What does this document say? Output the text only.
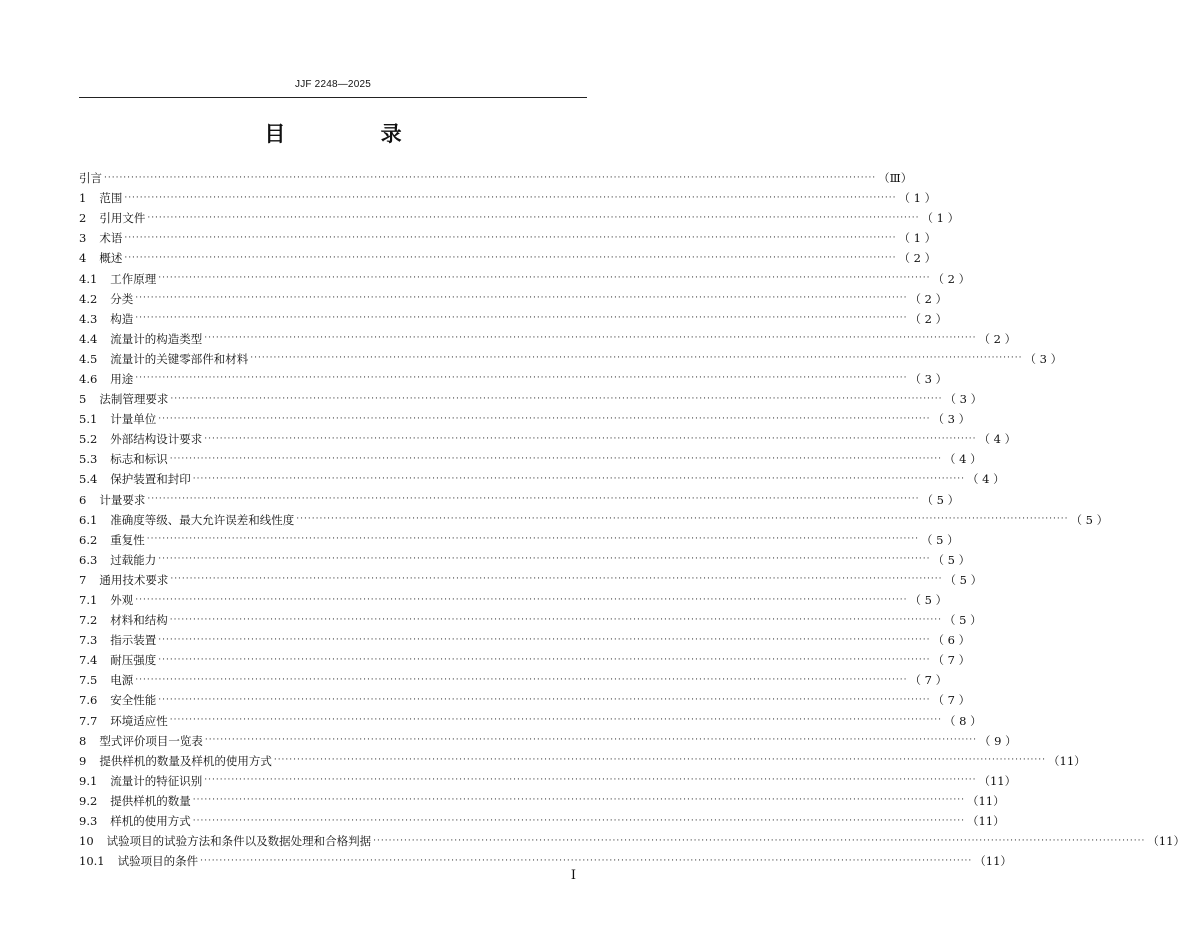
JJF 2248—2025
目 录
引言 ········································································································································································································ （Ⅲ）
1 范围 ········································································································································································································ （ 1 ）
2 引用文件 ········································································································································································································ （ 1 ）
3 术语 ········································································································································································································ （ 1 ）
4 概述 ········································································································································································································ （ 2 ）
4.1 工作原理 ········································································································································································································ （ 2 ）
4.2 分类 ········································································································································································································ （ 2 ）
4.3 构造 ········································································································································································································ （ 2 ）
4.4 流量计的构造类型 ········································································································································································································ （ 2 ）
4.5 流量计的关键零部件和材料 ········································································································································································································ （ 3 ）
4.6 用途 ········································································································································································································ （ 3 ）
5 法制管理要求 ········································································································································································································ （ 3 ）
5.1 计量单位 ········································································································································································································ （ 3 ）
5.2 外部结构设计要求 ········································································································································································································ （ 4 ）
5.3 标志和标识 ········································································································································································································ （ 4 ）
5.4 保护装置和封印 ········································································································································································································ （ 4 ）
6 计量要求 ········································································································································································································ （ 5 ）
6.1 准确度等级、最大允许误差和线性度 ········································································································································································································ （ 5 ）
6.2 重复性 ········································································································································································································ （ 5 ）
6.3 过载能力 ········································································································································································································ （ 5 ）
7 通用技术要求 ········································································································································································································ （ 5 ）
7.1 外观 ········································································································································································································ （ 5 ）
7.2 材料和结构 ········································································································································································································ （ 5 ）
7.3 指示装置 ········································································································································································································ （ 6 ）
7.4 耐压强度 ········································································································································································································ （ 7 ）
7.5 电源 ········································································································································································································ （ 7 ）
7.6 安全性能 ········································································································································································································ （ 7 ）
7.7 环境适应性 ········································································································································································································ （ 8 ）
8 型式评价项目一览表 ········································································································································································································ （ 9 ）
9 提供样机的数量及样机的使用方式 ········································································································································································································ （11）
9.1 流量计的特征识别 ········································································································································································································ （11）
9.2 提供样机的数量 ········································································································································································································ （11）
9.3 样机的使用方式 ········································································································································································································ （11）
10 试验项目的试验方法和条件以及数据处理和合格判据 ········································································································································································································ （11）
10.1 试验项目的条件 ········································································································································································································ （11）
Ⅰ
